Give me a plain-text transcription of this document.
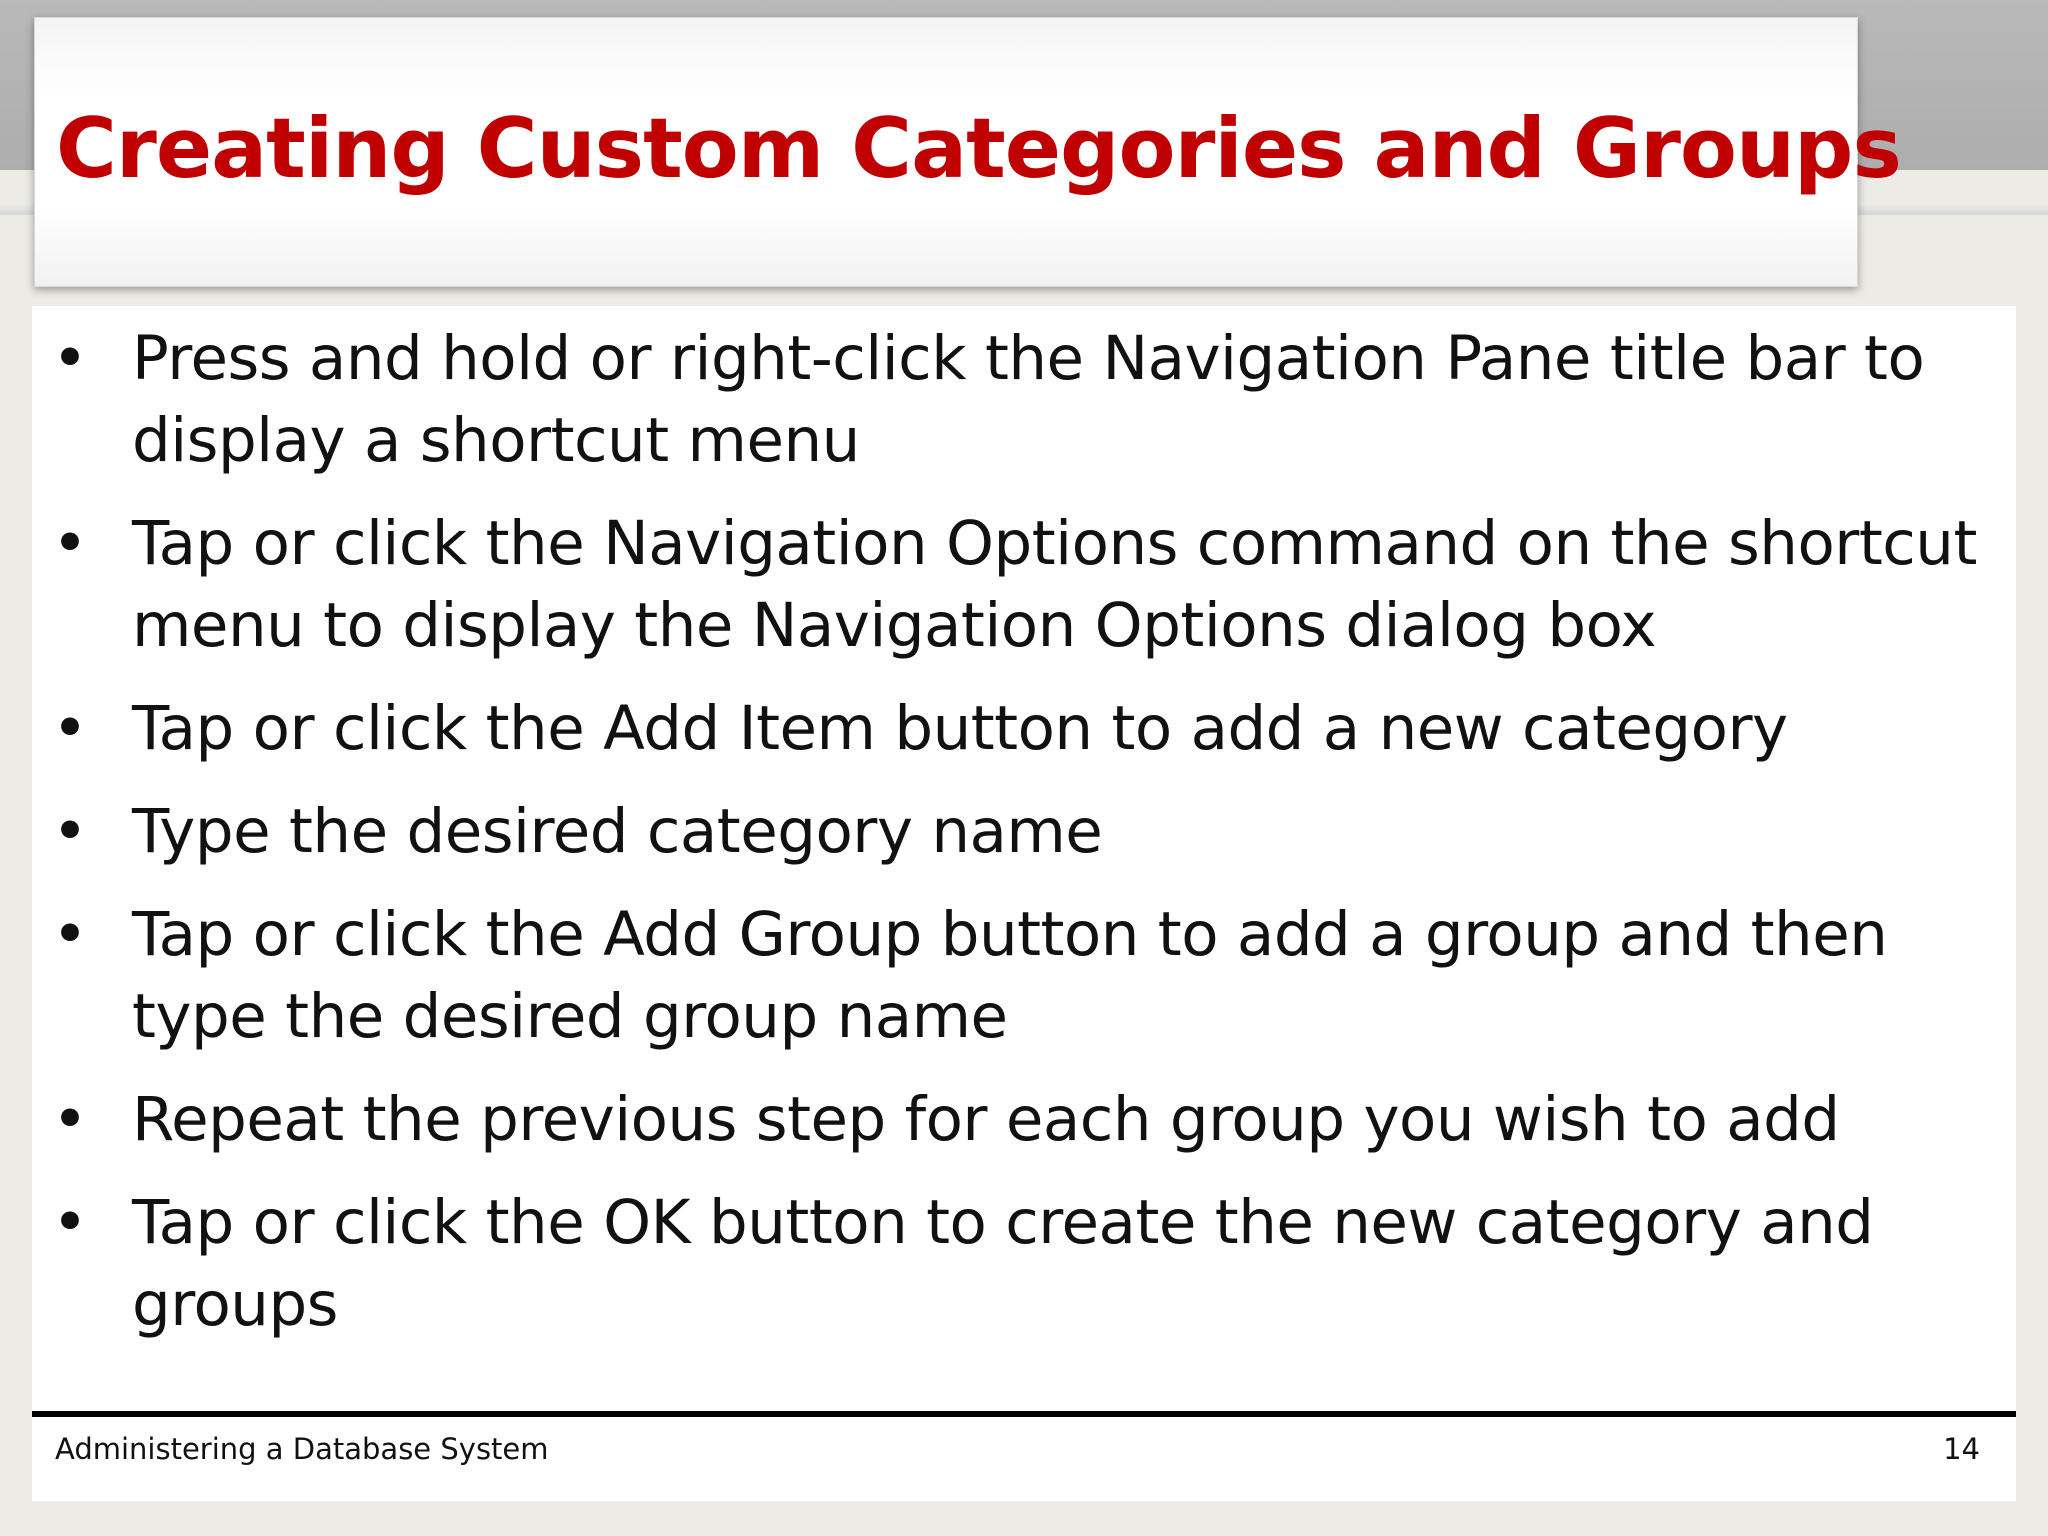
Creating Custom Categories and Groups
• Press and hold or right-click the Navigation Pane title bar to display a shortcut menu
• Tap or click the Navigation Options command on the shortcut menu to display the Navigation Options dialog box
• Tap or click the Add Item button to add a new category
• Type the desired category name
• Tap or click the Add Group button to add a group and then type the desired group name
• Repeat the previous step for each group you wish to add
• Tap or click the OK button to create the new category and groups
Administering a Database System	14
